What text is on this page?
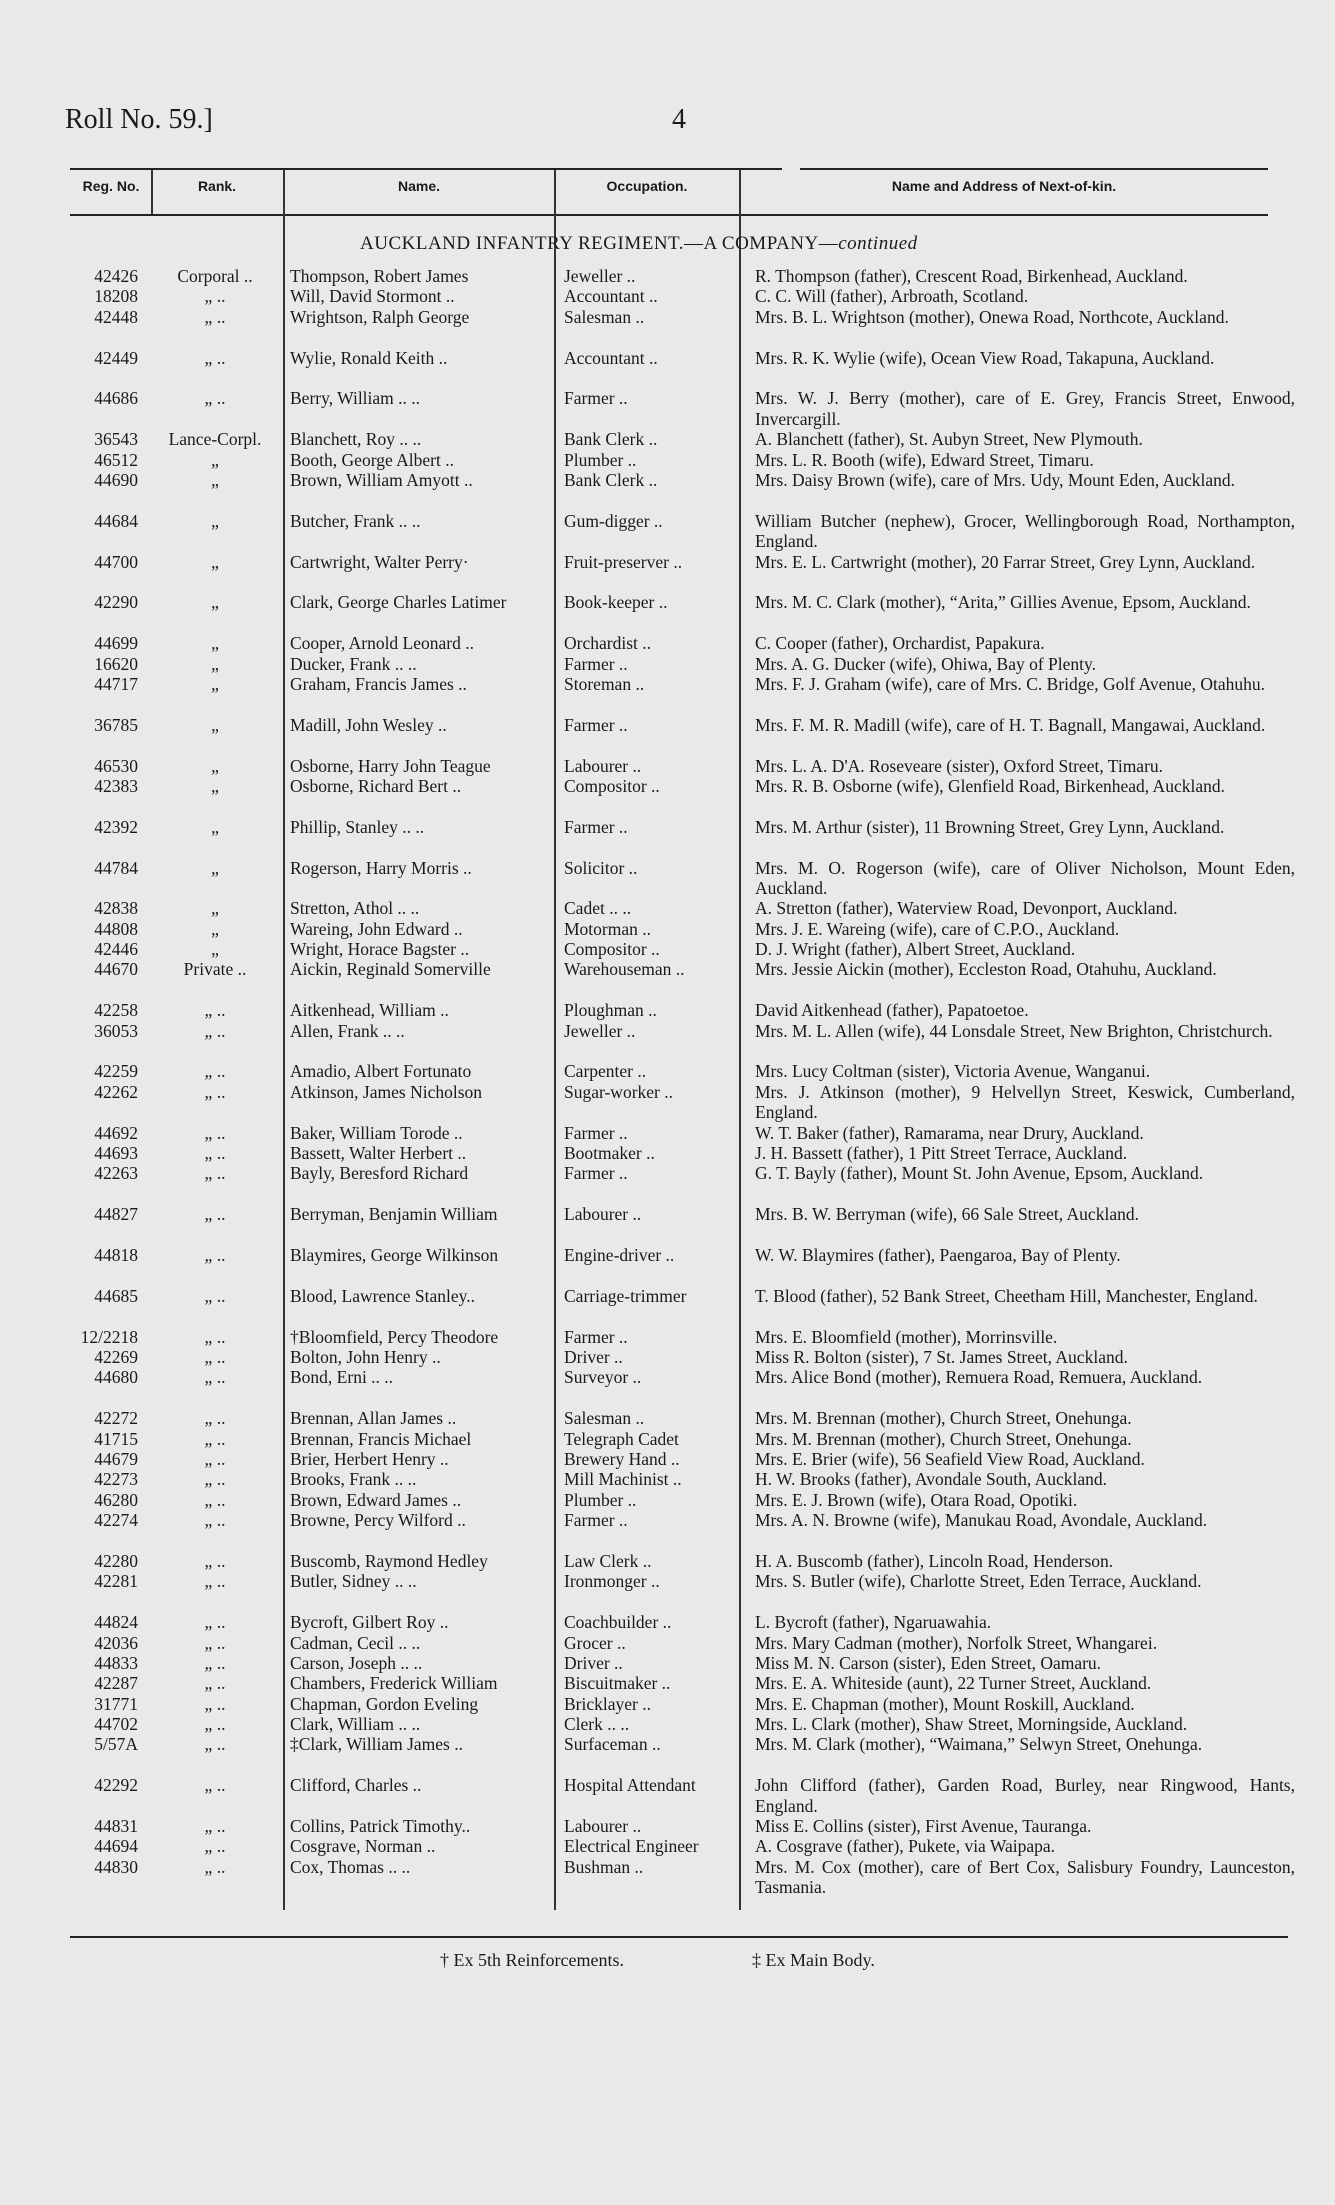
Roll No. 59.]	4
Reg. No.	Rank.	Name.	Occupation.	Name and Address of Next-of-kin.
AUCKLAND INFANTRY REGIMENT.—A COMPANY—continued
42426	Corporal ..	Thompson, Robert James	Jeweller ..	R. Thompson (father), Crescent Road, Birkenhead, Auckland.
18208	„ ..	Will, David Stormont ..	Accountant ..	C. C. Will (father), Arbroath, Scotland.
42448	„ ..	Wrightson, Ralph George	Salesman ..	Mrs. B. L. Wrightson (mother), Onewa Road, Northcote, Auckland.
42449	„ ..	Wylie, Ronald Keith ..	Accountant ..	Mrs. R. K. Wylie (wife), Ocean View Road, Takapuna, Auckland.
44686	„ ..	Berry, William .. ..	Farmer ..	Mrs. W. J. Berry (mother), care of E. Grey, Francis Street, Enwood, Invercargill.
36543	Lance-Corpl.	Blanchett, Roy .. ..	Bank Clerk ..	A. Blanchett (father), St. Aubyn Street, New Plymouth.
46512	„	Booth, George Albert ..	Plumber ..	Mrs. L. R. Booth (wife), Edward Street, Timaru.
44690	„	Brown, William Amyott ..	Bank Clerk ..	Mrs. Daisy Brown (wife), care of Mrs. Udy, Mount Eden, Auckland.
44684	„	Butcher, Frank .. ..	Gum-digger ..	William Butcher (nephew), Grocer, Wellingborough Road, Northampton, England.
44700	„	Cartwright, Walter Perry·	Fruit-preserver ..	Mrs. E. L. Cartwright (mother), 20 Farrar Street, Grey Lynn, Auckland.
42290	„	Clark, George Charles Latimer	Book-keeper ..	Mrs. M. C. Clark (mother), “Arita,” Gillies Avenue, Epsom, Auckland.
44699	„	Cooper, Arnold Leonard ..	Orchardist ..	C. Cooper (father), Orchardist, Papakura.
16620	„	Ducker, Frank .. ..	Farmer ..	Mrs. A. G. Ducker (wife), Ohiwa, Bay of Plenty.
44717	„	Graham, Francis James ..	Storeman ..	Mrs. F. J. Graham (wife), care of Mrs. C. Bridge, Golf Avenue, Otahuhu.
36785	„	Madill, John Wesley ..	Farmer ..	Mrs. F. M. R. Madill (wife), care of H. T. Bagnall, Mangawai, Auckland.
46530	„	Osborne, Harry John Teague	Labourer ..	Mrs. L. A. D'A. Roseveare (sister), Oxford Street, Timaru.
42383	„	Osborne, Richard Bert ..	Compositor ..	Mrs. R. B. Osborne (wife), Glenfield Road, Birkenhead, Auckland.
42392	„	Phillip, Stanley .. ..	Farmer ..	Mrs. M. Arthur (sister), 11 Browning Street, Grey Lynn, Auckland.
44784	„	Rogerson, Harry Morris ..	Solicitor ..	Mrs. M. O. Rogerson (wife), care of Oliver Nicholson, Mount Eden, Auckland.
42838	„	Stretton, Athol .. ..	Cadet .. ..	A. Stretton (father), Waterview Road, Devonport, Auckland.
44808	„	Wareing, John Edward ..	Motorman ..	Mrs. J. E. Wareing (wife), care of C.P.O., Auckland.
42446	„	Wright, Horace Bagster ..	Compositor ..	D. J. Wright (father), Albert Street, Auckland.
44670	Private ..	Aickin, Reginald Somerville	Warehouseman ..	Mrs. Jessie Aickin (mother), Eccleston Road, Otahuhu, Auckland.
42258	„ ..	Aitkenhead, William ..	Ploughman ..	David Aitkenhead (father), Papatoetoe.
36053	„ ..	Allen, Frank .. ..	Jeweller ..	Mrs. M. L. Allen (wife), 44 Lonsdale Street, New Brighton, Christchurch.
42259	„ ..	Amadio, Albert Fortunato	Carpenter ..	Mrs. Lucy Coltman (sister), Victoria Avenue, Wanganui.
42262	„ ..	Atkinson, James Nicholson	Sugar-worker ..	Mrs. J. Atkinson (mother), 9 Helvellyn Street, Keswick, Cumberland, England.
44692	„ ..	Baker, William Torode ..	Farmer ..	W. T. Baker (father), Ramarama, near Drury, Auckland.
44693	„ ..	Bassett, Walter Herbert ..	Bootmaker ..	J. H. Bassett (father), 1 Pitt Street Terrace, Auckland.
42263	„ ..	Bayly, Beresford Richard	Farmer ..	G. T. Bayly (father), Mount St. John Avenue, Epsom, Auckland.
44827	„ ..	Berryman, Benjamin William	Labourer ..	Mrs. B. W. Berryman (wife), 66 Sale Street, Auckland.
44818	„ ..	Blaymires, George Wilkinson	Engine-driver ..	W. W. Blaymires (father), Paengaroa, Bay of Plenty.
44685	„ ..	Blood, Lawrence Stanley..	Carriage-trimmer	T. Blood (father), 52 Bank Street, Cheetham Hill, Manchester, England.
12/2218	„ ..	†Bloomfield, Percy Theodore	Farmer ..	Mrs. E. Bloomfield (mother), Morrinsville.
42269	„ ..	Bolton, John Henry ..	Driver ..	Miss R. Bolton (sister), 7 St. James Street, Auckland.
44680	„ ..	Bond, Erni .. ..	Surveyor ..	Mrs. Alice Bond (mother), Remuera Road, Remuera, Auckland.
42272	„ ..	Brennan, Allan James ..	Salesman ..	Mrs. M. Brennan (mother), Church Street, Onehunga.
41715	„ ..	Brennan, Francis Michael	Telegraph Cadet	Mrs. M. Brennan (mother), Church Street, Onehunga.
44679	„ ..	Brier, Herbert Henry ..	Brewery Hand ..	Mrs. E. Brier (wife), 56 Seafield View Road, Auckland.
42273	„ ..	Brooks, Frank .. ..	Mill Machinist ..	H. W. Brooks (father), Avondale South, Auckland.
46280	„ ..	Brown, Edward James ..	Plumber ..	Mrs. E. J. Brown (wife), Otara Road, Opotiki.
42274	„ ..	Browne, Percy Wilford ..	Farmer ..	Mrs. A. N. Browne (wife), Manukau Road, Avondale, Auckland.
42280	„ ..	Buscomb, Raymond Hedley	Law Clerk ..	H. A. Buscomb (father), Lincoln Road, Henderson.
42281	„ ..	Butler, Sidney .. ..	Ironmonger ..	Mrs. S. Butler (wife), Charlotte Street, Eden Terrace, Auckland.
44824	„ ..	Bycroft, Gilbert Roy ..	Coachbuilder ..	L. Bycroft (father), Ngaruawahia.
42036	„ ..	Cadman, Cecil .. ..	Grocer ..	Mrs. Mary Cadman (mother), Norfolk Street, Whangarei.
44833	„ ..	Carson, Joseph .. ..	Driver ..	Miss M. N. Carson (sister), Eden Street, Oamaru.
42287	„ ..	Chambers, Frederick William	Biscuitmaker ..	Mrs. E. A. Whiteside (aunt), 22 Turner Street, Auckland.
31771	„ ..	Chapman, Gordon Eveling	Bricklayer ..	Mrs. E. Chapman (mother), Mount Roskill, Auckland.
44702	„ ..	Clark, William .. ..	Clerk .. ..	Mrs. L. Clark (mother), Shaw Street, Morningside, Auckland.
5/57A	„ ..	‡Clark, William James ..	Surfaceman ..	Mrs. M. Clark (mother), “Waimana,” Selwyn Street, Onehunga.
42292	„ ..	Clifford, Charles ..	Hospital Attendant	John Clifford (father), Garden Road, Burley, near Ringwood, Hants, England.
44831	„ ..	Collins, Patrick Timothy..	Labourer ..	Miss E. Collins (sister), First Avenue, Tauranga.
44694	„ ..	Cosgrave, Norman ..	Electrical Engineer	A. Cosgrave (father), Pukete, via Waipapa.
44830	„ ..	Cox, Thomas .. ..	Bushman ..	Mrs. M. Cox (mother), care of Bert Cox, Salisbury Foundry, Launceston, Tasmania.
† Ex 5th Reinforcements.	‡ Ex Main Body.
